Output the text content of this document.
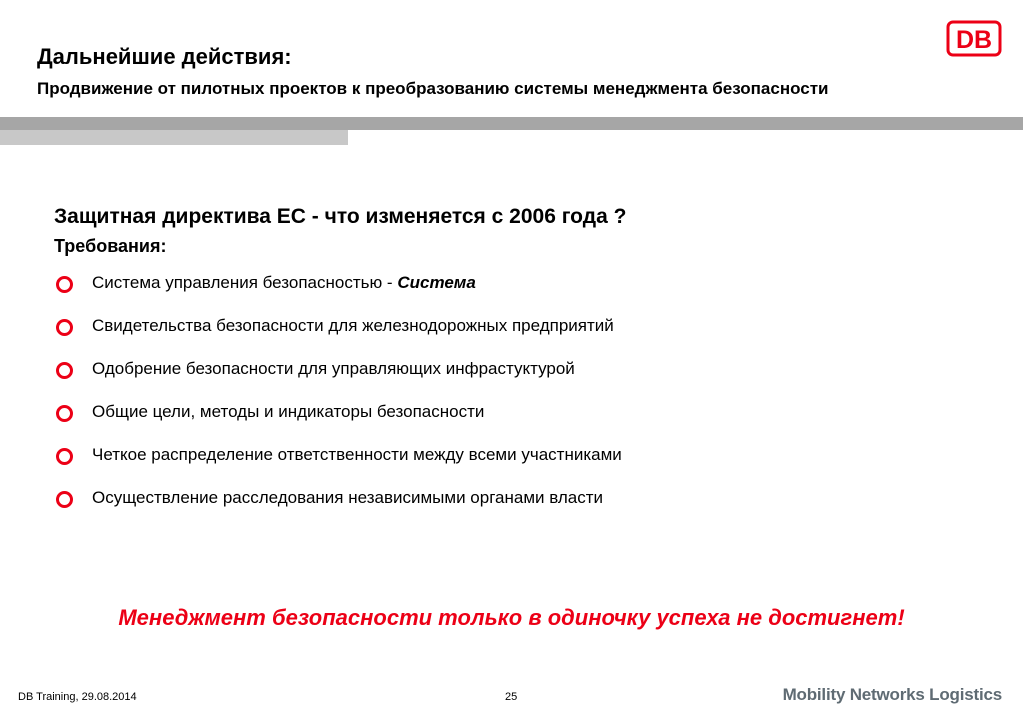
Дальнейшие действия:
Продвижение от пилотных проектов к преобразованию системы менеджмента безопасности
DB
Защитная директива ЕС - что изменяется с 2006 года ?
Требования:
Система управления безопасностью - Система
Свидетельства безопасности для железнодорожных предприятий
Одобрение безопасности для управляющих инфрастуктурой
Общие цели, методы и индикаторы безопасности
Четкое распределение ответственности между всеми участниками
Осуществление расследования независимыми органами власти
Менеджмент безопасности только в одиночку успеха не достигнет!
DB Training, 29.08.2014	25	Mobility Networks Logistics
